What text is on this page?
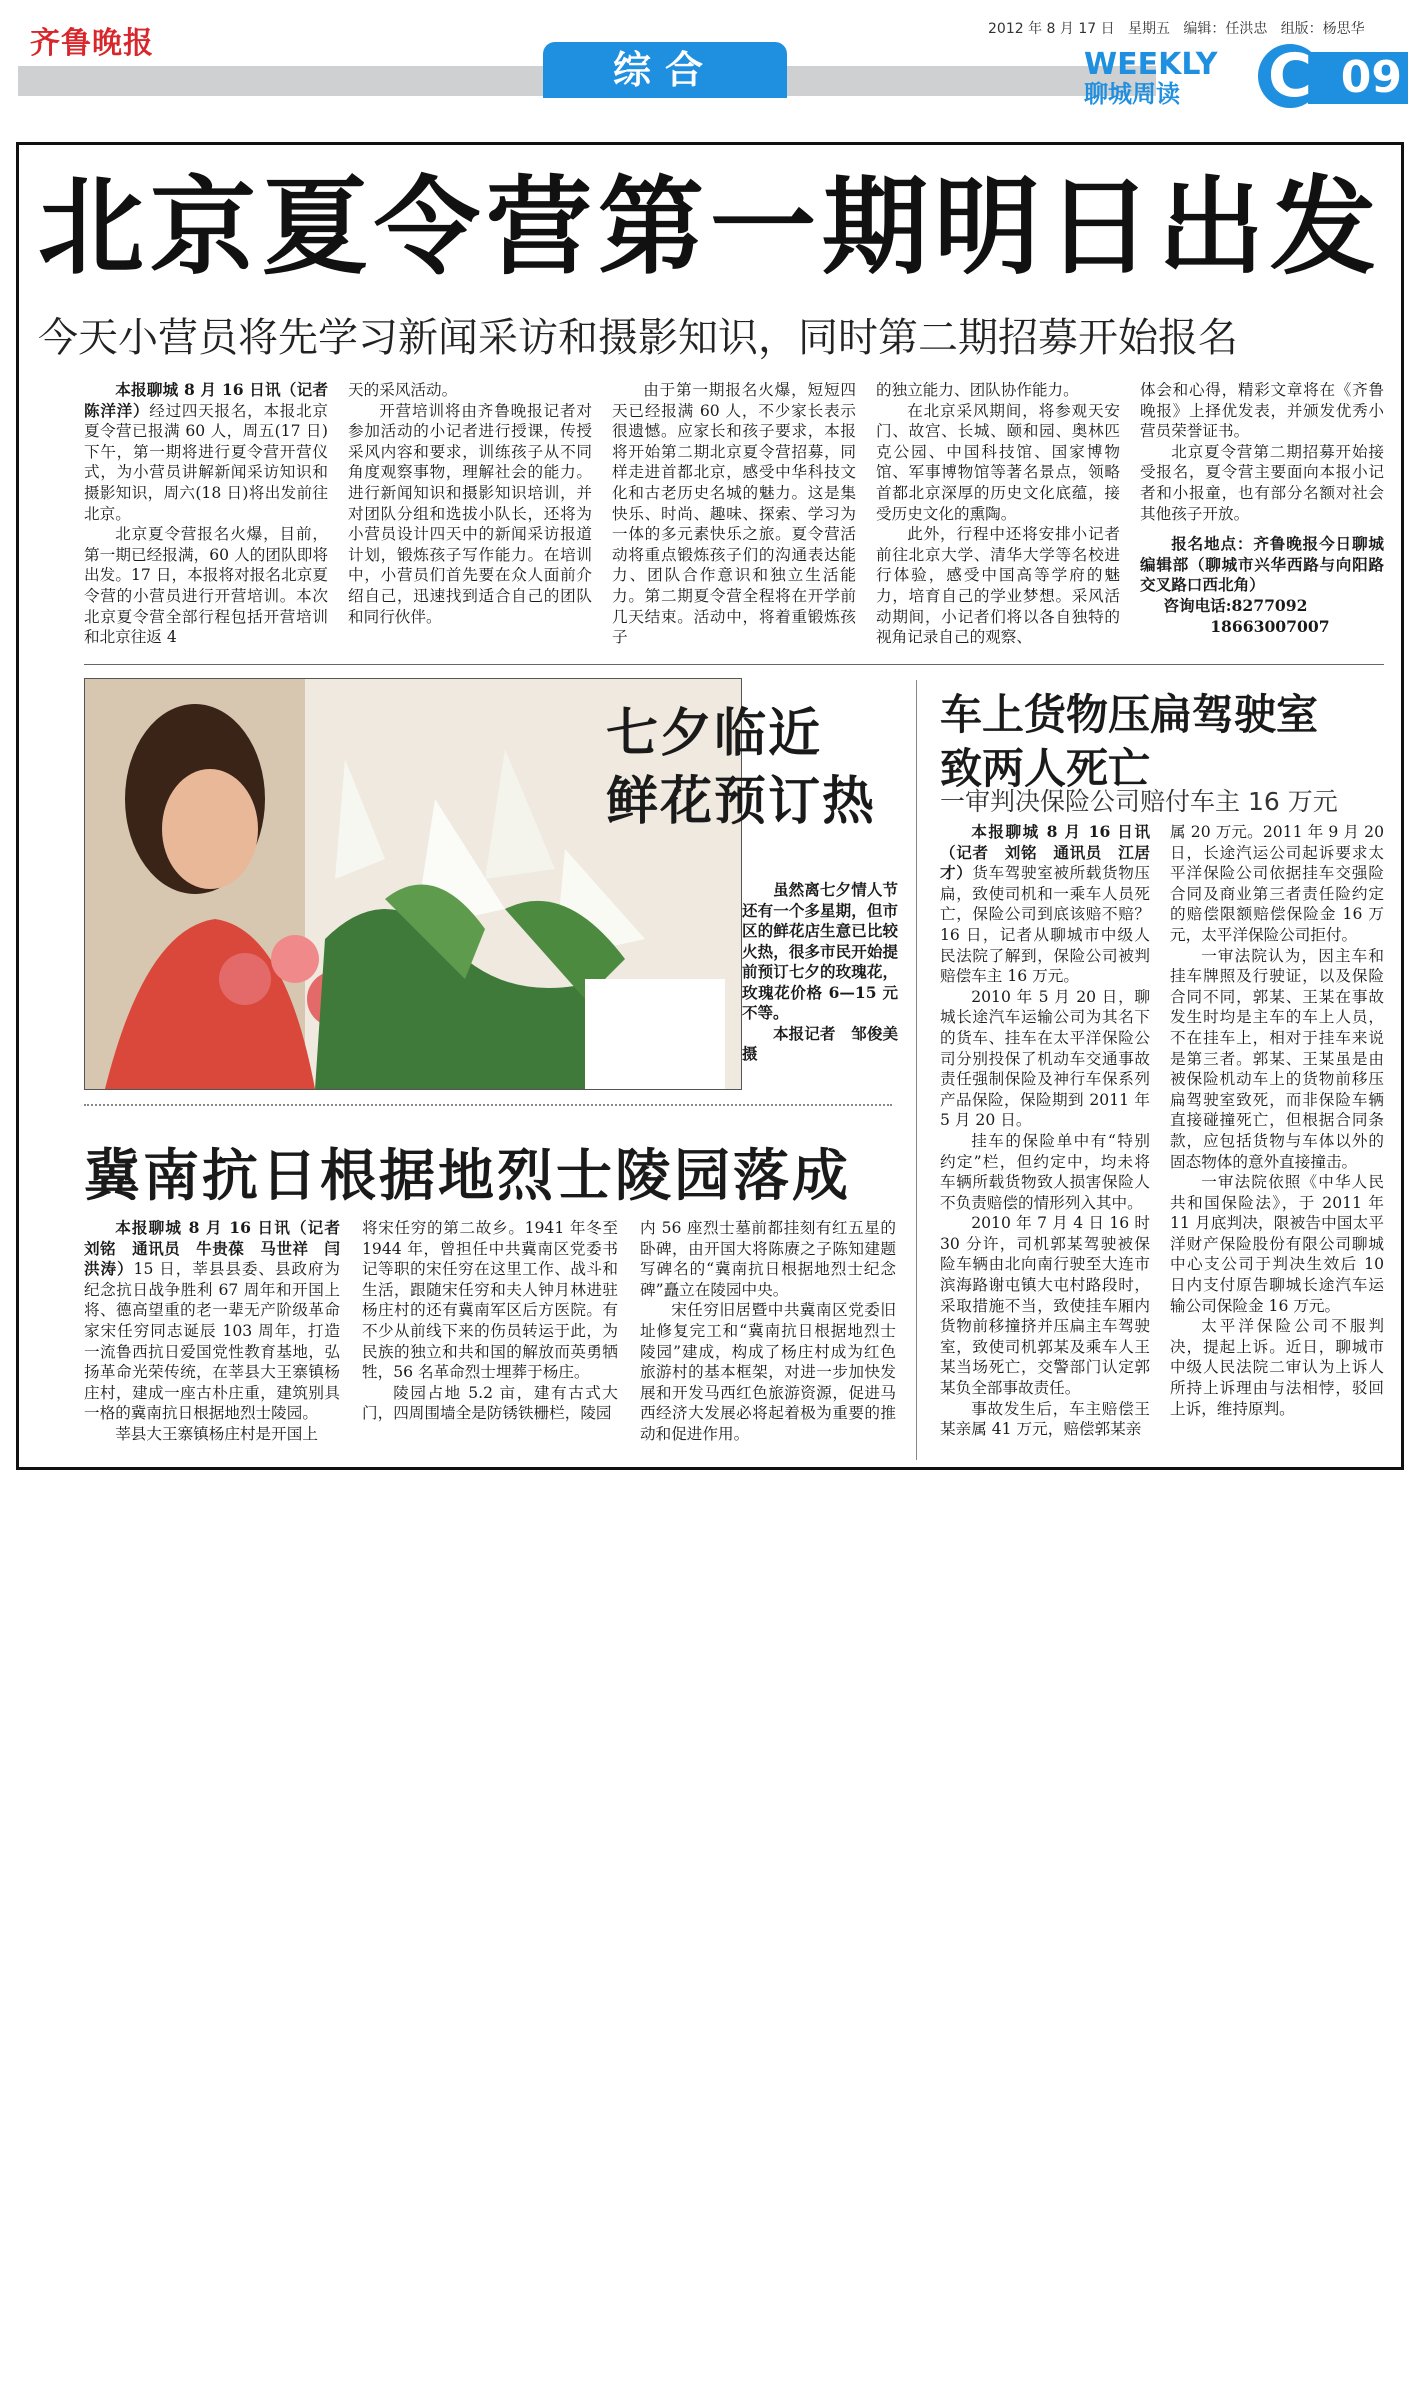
齐鲁晚报	2012 年 8 月 17 日 星期五 编辑：任洪忠 组版：杨思华
综合	WEEKLY
聊城周读	09
C
北京夏令营第一期明日出发
今天小营员将先学习新闻采访和摄影知识，同时第二期招募开始报名

本报聊城 8 月 16 日讯（记者 陈洋洋）经过四天报名，本报北京夏令营已报满 60 人，周五(17 日)下午，第一期将进行夏令营开营仪式，为小营员讲解新闻采访知识和摄影知识，周六(18 日)将出发前往北京。

北京夏令营报名火爆，目前，第一期已经报满，60 人的团队即将出发。17 日，本报将对报名北京夏令营的小营员进行开营培训。本次北京夏令营全部行程包括开营培训和北京往返 4

天的采风活动。

开营培训将由齐鲁晚报记者对参加活动的小记者进行授课，传授采风内容和要求，训练孩子从不同角度观察事物，理解社会的能力。进行新闻知识和摄影知识培训，并对团队分组和选拔小队长，还将为小营员设计四天中的新闻采访报道计划，锻炼孩子写作能力。在培训中，小营员们首先要在众人面前介绍自己，迅速找到适合自己的团队和同行伙伴。

由于第一期报名火爆，短短四天已经报满 60 人，不少家长表示很遗憾。应家长和孩子要求，本报将开始第二期北京夏令营招募，同样走进首都北京，感受中华科技文化和古老历史名城的魅力。这是集快乐、时尚、趣味、探索、学习为一体的多元素快乐之旅。夏令营活动将重点锻炼孩子们的沟通表达能力、团队合作意识和独立生活能力。第二期夏令营全程将在开学前几天结束。活动中，将着重锻炼孩子

的独立能力、团队协作能力。

在北京采风期间，将参观天安门、故宫、长城、颐和园、奥林匹克公园、中国科技馆、国家博物馆、军事博物馆等著名景点，领略首都北京深厚的历史文化底蕴，接受历史文化的熏陶。

此外，行程中还将安排小记者前往北京大学、清华大学等名校进行体验，感受中国高等学府的魅力，培育自己的学业梦想。采风活动期间，小记者们将以各自独特的视角记录自己的观察、

体会和心得，精彩文章将在《齐鲁晚报》上择优发表，并颁发优秀小营员荣誉证书。

北京夏令营第二期招募开始接受报名，夏令营主要面向本报小记者和小报童，也有部分名额对社会其他孩子开放。

报名地点：齐鲁晚报今日聊城编辑部（聊城市兴华西路与向阳路交叉路口西北角）

咨询电话:8277092

18663007007

七夕临近
鲜花预订热
虽然离七夕情人节还有一个多星期，但市区的鲜花店生意已比较火热，很多市民开始提前预订七夕的玫瑰花，玫瑰花价格 6—15 元不等。
本报记者　邹俊美　摄
车上货物压扁驾驶室
致两人死亡
一审判决保险公司赔付车主 16 万元

本报聊城 8 月 16 日讯（记者　刘铭　通讯员　江居才）货车驾驶室被所载货物压扁，致使司机和一乘车人员死亡，保险公司到底该赔不赔？16 日，记者从聊城市中级人民法院了解到，保险公司被判赔偿车主 16 万元。

2010 年 5 月 20 日，聊城长途汽车运输公司为其名下的货车、挂车在太平洋保险公司分别投保了机动车交通事故责任强制保险及神行车保系列产品保险，保险期到 2011 年 5 月 20 日。

挂车的保险单中有“特别约定”栏，但约定中，均未将车辆所载货物致人损害保险人不负责赔偿的情形列入其中。

2010 年 7 月 4 日 16 时 30 分许，司机郭某驾驶被保险车辆由北向南行驶至大连市滨海路谢屯镇大屯村路段时，采取措施不当，致使挂车厢内货物前移撞挤并压扁主车驾驶室，致使司机郭某及乘车人王某当场死亡，交警部门认定郭某负全部事故责任。

事故发生后，车主赔偿王某亲属 41 万元，赔偿郭某亲

属 20 万元。2011 年 9 月 20 日，长途汽运公司起诉要求太平洋保险公司依据挂车交强险合同及商业第三者责任险约定的赔偿限额赔偿保险金 16 万元，太平洋保险公司拒付。

一审法院认为，因主车和挂车牌照及行驶证，以及保险合同不同，郭某、王某在事故发生时均是主车的车上人员，不在挂车上，相对于挂车来说是第三者。郭某、王某虽是由被保险机动车上的货物前移压扁驾驶室致死，而非保险车辆直接碰撞死亡，但根据合同条款，应包括货物与车体以外的固态物体的意外直接撞击。

一审法院依照《中华人民共和国保险法》，于 2011 年 11 月底判决，限被告中国太平洋财产保险股份有限公司聊城中心支公司于判决生效后 10 日内支付原告聊城长途汽车运输公司保险金 16 万元。

太平洋保险公司不服判决，提起上诉。近日，聊城市中级人民法院二审认为上诉人所持上诉理由与法相悖，驳回上诉，维持原判。

冀南抗日根据地烈士陵园落成

本报聊城 8 月 16 日讯（记者　刘铭　通讯员　牛贵葆　马世祥　闫洪涛）15 日，莘县县委、县政府为纪念抗日战争胜利 67 周年和开国上将、德高望重的老一辈无产阶级革命家宋任穷同志诞辰 103 周年，打造一流鲁西抗日爱国党性教育基地，弘扬革命光荣传统，在莘县大王寨镇杨庄村，建成一座古朴庄重，建筑别具一格的冀南抗日根据地烈士陵园。

莘县大王寨镇杨庄村是开国上

将宋任穷的第二故乡。1941 年冬至 1944 年，曾担任中共冀南区党委书记等职的宋任穷在这里工作、战斗和生活，跟随宋任穷和夫人钟月林进驻杨庄村的还有冀南军区后方医院。有不少从前线下来的伤员转运于此，为民族的独立和共和国的解放而英勇牺牲，56 名革命烈士埋葬于杨庄。

陵园占地 5.2 亩，建有古式大门，四周围墙全是防锈铁栅栏，陵园

内 56 座烈士墓前都挂刻有红五星的卧碑，由开国大将陈赓之子陈知建题写碑名的“冀南抗日根据地烈士纪念碑”矗立在陵园中央。

宋任穷旧居暨中共冀南区党委旧址修复完工和“冀南抗日根据地烈士陵园”建成，构成了杨庄村成为红色旅游村的基本框架，对进一步加快发展和开发马西红色旅游资源，促进马西经济大发展必将起着极为重要的推动和促进作用。
